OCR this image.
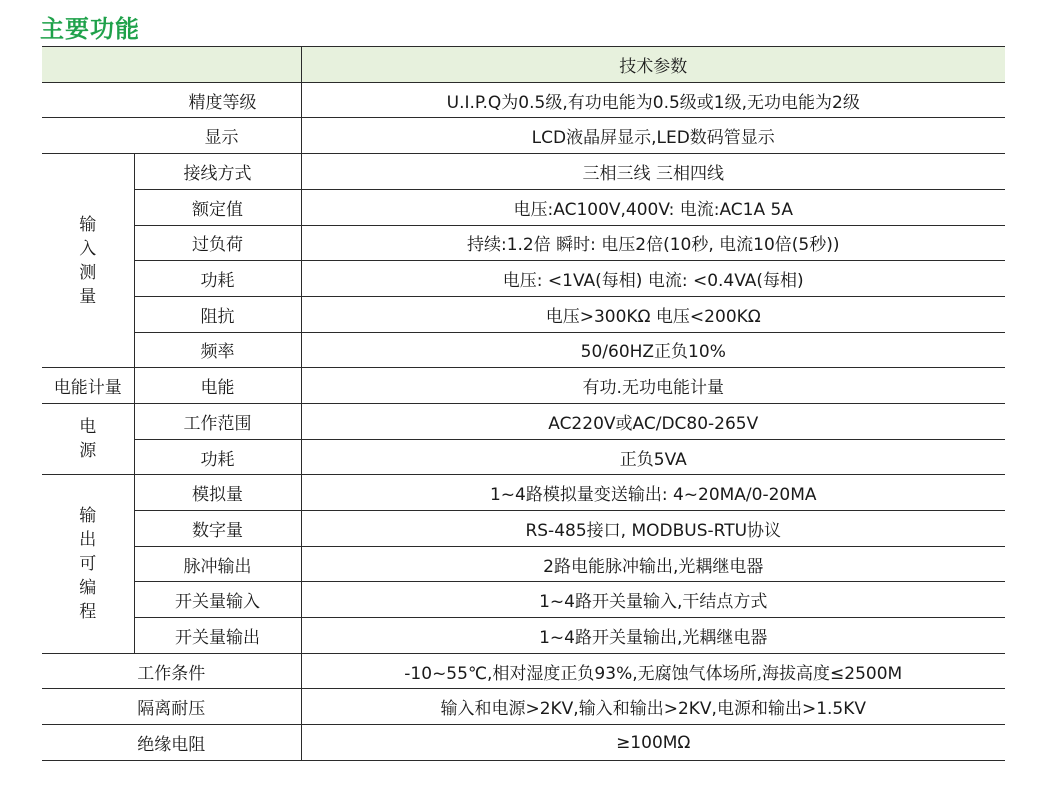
主要功能
		技术参数
精度等级		U.I.P.Q为0.5级,有功电能为0.5级或1级,无功电能为2级
显示		LCD液晶屏显示,LED数码管显示
输入测量	接线方式	三相三线 三相四线
	额定值	电压:AC100V,400V: 电流:AC1A 5A
	过负荷	持续:1.2倍 瞬时: 电压2倍(10秒, 电流10倍(5秒))
	功耗	电压: <1VA(每相) 电流: <0.4VA(每相)
	阻抗	电压>300KΩ 电压<200KΩ
	频率	50/60HZ正负10%
电能计量	电能	有功.无功电能计量
电源	工作范围	AC220V或AC/DC80-265V
	功耗	正负5VA
输出可编程	模拟量	1~4路模拟量变送输出: 4~20MA/0-20MA
	数字量	RS-485接口, MODBUS-RTU协议
	脉冲输出	2路电能脉冲输出,光耦继电器
	开关量输入	1~4路开关量输入,干结点方式
	开关量输出	1~4路开关量输出,光耦继电器
工作条件		-10~55℃,相对湿度正负93%,无腐蚀气体场所,海拔高度≤2500M
隔离耐压		输入和电源>2KV,输入和输出>2KV,电源和输出>1.5KV
绝缘电阻		≥100MΩ
